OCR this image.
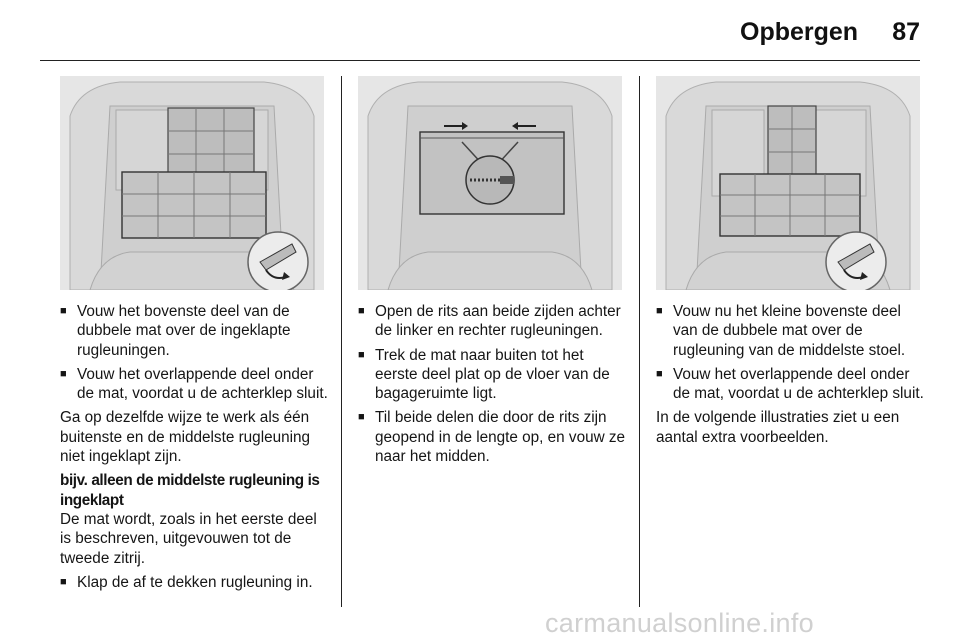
Opbergen 87
■ Vouw het bovenste deel van de dubbele mat over de ingeklapte rugleuningen.
■ Vouw het overlappende deel onder de mat, voordat u de achterklep sluit.

Ga op dezelfde wijze te werk als één buitenste en de middelste rugleuning niet ingeklapt zijn.

bijv. alleen de middelste rugleuning is ingeklapt

De mat wordt, zoals in het eerste deel is beschreven, uitgevouwen tot de tweede zitrij.

■ Klap de af te dekken rugleuning in.
■ Open de rits aan beide zijden achter de linker en rechter rugleuningen.
■ Trek de mat naar buiten tot het eerste deel plat op de vloer van de bagageruimte ligt.
■ Til beide delen die door de rits zijn geopend in de lengte op, en vouw ze naar het midden.
■ Vouw nu het kleine bovenste deel van de dubbele mat over de rugleuning van de middelste stoel.
■ Vouw het overlappende deel onder de mat, voordat u de achterklep sluit.

In de volgende illustraties ziet u een aantal extra voorbeelden.

carmanualsonline.info
